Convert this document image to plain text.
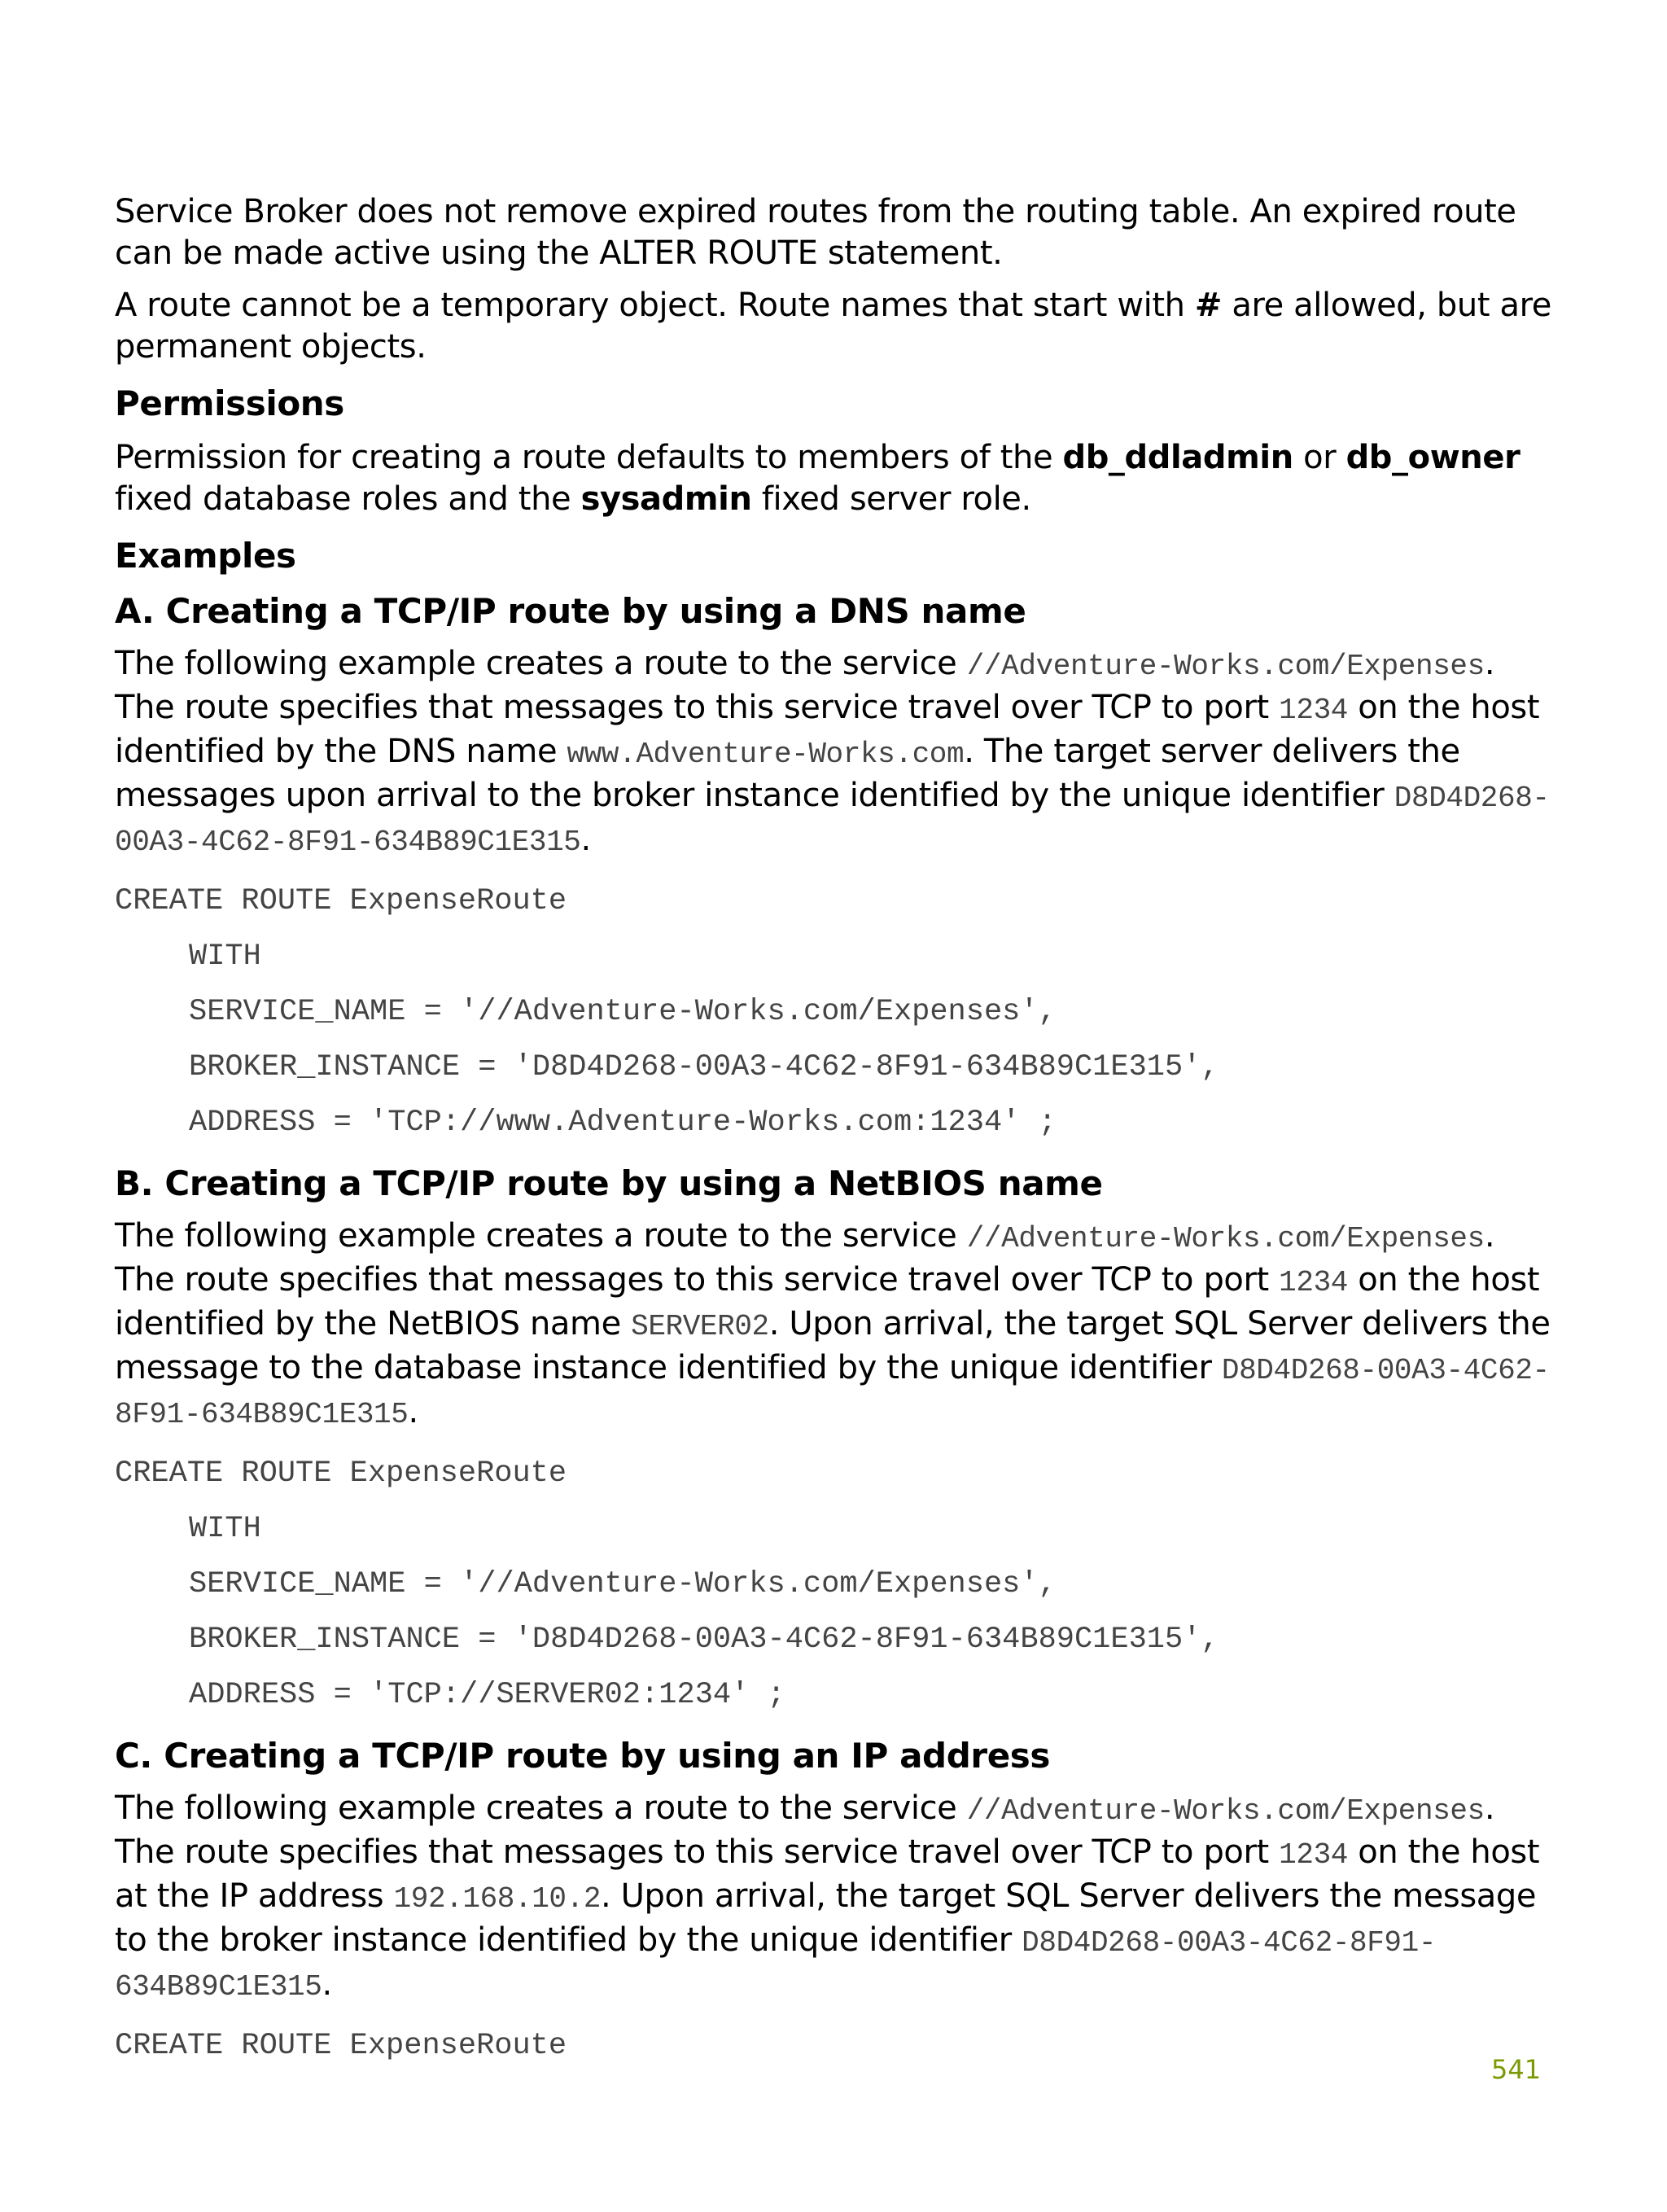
Service Broker does not remove expired routes from the routing table. An expired route can be made active using the ALTER ROUTE statement.

A route cannot be a temporary object. Route names that start with # are allowed, but are permanent objects.

Permissions

Permission for creating a route defaults to members of the db_ddladmin or db_owner fixed database roles and the sysadmin fixed server role.

Examples
A. Creating a TCP/IP route by using a DNS name

The following example creates a route to the service //Adventure-Works.com/Expenses. The route specifies that messages to this service travel over TCP to port 1234 on the host identified by the DNS name www.Adventure-Works.com. The target server delivers the messages upon arrival to the broker instance identified by the unique identifier D8D4D268-00A3-4C62-8F91-634B89C1E315.

CREATE ROUTE ExpenseRoute
WITH
SERVICE_NAME = '//Adventure-Works.com/Expenses',
BROKER_INSTANCE = 'D8D4D268-00A3-4C62-8F91-634B89C1E315',
ADDRESS = 'TCP://www.Adventure-Works.com:1234' ;
B. Creating a TCP/IP route by using a NetBIOS name

The following example creates a route to the service //Adventure-Works.com/Expenses. The route specifies that messages to this service travel over TCP to port 1234 on the host identified by the NetBIOS name SERVER02. Upon arrival, the target SQL Server delivers the message to the database instance identified by the unique identifier D8D4D268-00A3-4C62-8F91-634B89C1E315.

CREATE ROUTE ExpenseRoute
WITH
SERVICE_NAME = '//Adventure-Works.com/Expenses',
BROKER_INSTANCE = 'D8D4D268-00A3-4C62-8F91-634B89C1E315',
ADDRESS = 'TCP://SERVER02:1234' ;
C. Creating a TCP/IP route by using an IP address

The following example creates a route to the service //Adventure-Works.com/Expenses. The route specifies that messages to this service travel over TCP to port 1234 on the host at the IP address 192.168.10.2. Upon arrival, the target SQL Server delivers the message to the broker instance identified by the unique identifier D8D4D268-00A3-4C62-8F91-634B89C1E315.

CREATE ROUTE ExpenseRoute
541
